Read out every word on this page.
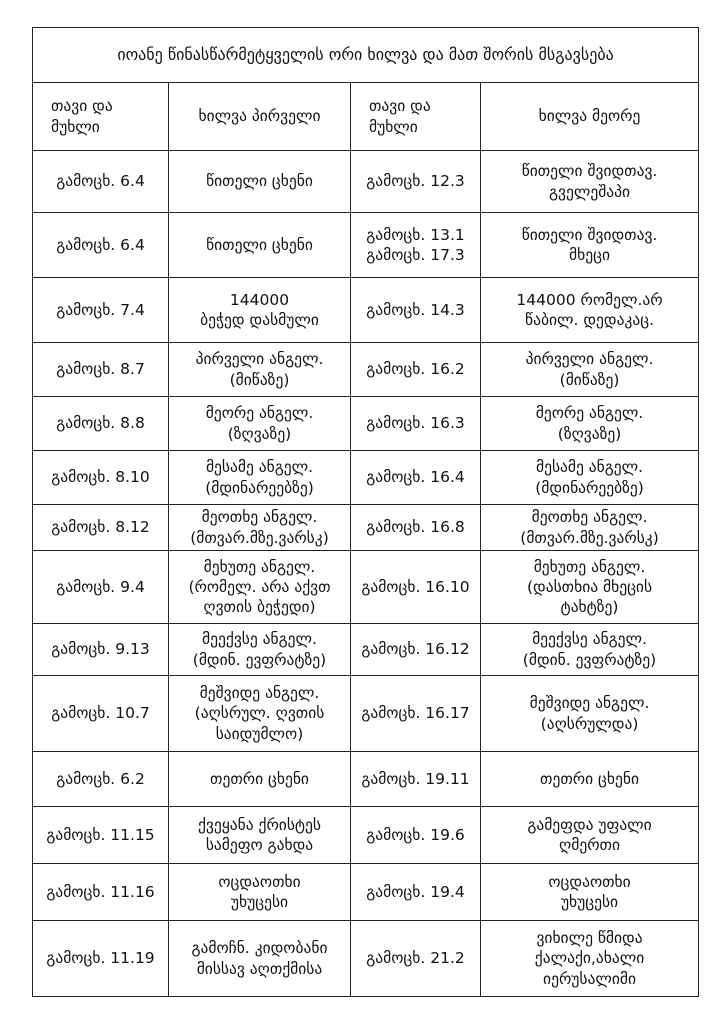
იოანე წინასწარმეტყველის ორი ხილვა და მათ შორის მსგავსება			

თავი და
მუხლი	ხილვა პირველი	თავი და
მუხლი	ხილვა მეორე

გამოცხ. 6.4	წითელი ცხენი	გამოცხ. 12.3	წითელი შვიდთავ.
გველეშაპი

გამოცხ. 6.4	წითელი ცხენი	გამოცხ. 13.1
გამოცხ. 17.3	წითელი შვიდთავ.
მხეცი

გამოცხ. 7.4	144000
ბეჭედ დასმული	გამოცხ. 14.3	144000 რომელ.არ
წაბილ. დედაკაც.

გამოცხ. 8.7	პირველი ანგელ.
(მიწაზე)	გამოცხ. 16.2	პირველი ანგელ.
(მიწაზე)

გამოცხ. 8.8	მეორე ანგელ.
(ზღვაზე)	გამოცხ. 16.3	მეორე ანგელ.
(ზღვაზე)

გამოცხ. 8.10	მესამე ანგელ.
(მდინარეებზე)	გამოცხ. 16.4	მესამე ანგელ.
(მდინარეებზე)

გამოცხ. 8.12	მეოთხე ანგელ.
(მთვარ.მზე.ვარსკ)	გამოცხ. 16.8	მეოთხე ანგელ.
(მთვარ.მზე.ვარსკ)

გამოცხ. 9.4	მეხუთე ანგელ.
(რომელ. არა აქვთ
ღვთის ბეჭედი)	გამოცხ. 16.10	მეხუთე ანგელ.
(დასთხია მხეცის
ტახტზე)

გამოცხ. 9.13	მეექვსე ანგელ.
(მდინ. ევფრატზე)	გამოცხ. 16.12	მეექვსე ანგელ.
(მდინ. ევფრატზე)

გამოცხ. 10.7	მეშვიდე ანგელ.
(აღსრულ. ღვთის
საიდუმლო)	გამოცხ. 16.17	მეშვიდე ანგელ.
(აღსრულდა)

გამოცხ. 6.2	თეთრი ცხენი	გამოცხ. 19.11	თეთრი ცხენი

გამოცხ. 11.15	ქვეყანა ქრისტეს
სამეფო გახდა	გამოცხ. 19.6	გამეფდა უფალი
ღმერთი

გამოცხ. 11.16	ოცდაოთხი
უხუცესი	გამოცხ. 19.4	ოცდაოთხი
უხუცესი

გამოცხ. 11.19	გამოჩნ. კიდობანი
მისსავ აღთქმისა	გამოცხ. 21.2	ვიხილე წმიდა
ქალაქი,ახალი
იერუსალიმი
